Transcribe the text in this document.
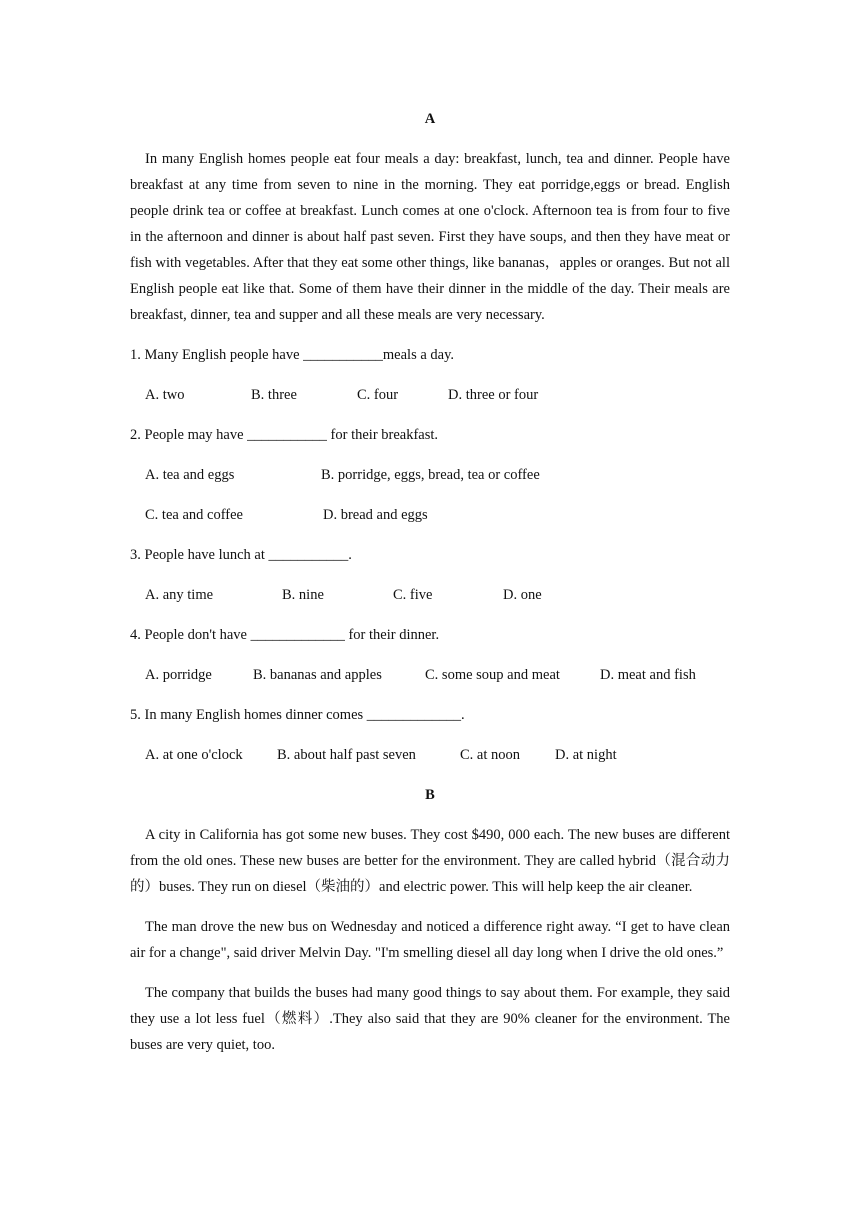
A

In many English homes people eat four meals a day: breakfast, lunch, tea and dinner. People have breakfast at any time from seven to nine in the morning. They eat porridge,eggs or bread. English people drink tea or coffee at breakfast. Lunch comes at one o'clock. Afternoon tea is from four to five in the afternoon and dinner is about half past seven. First they have soups, and then they have meat or fish with vegetables. After that they eat some other things, like bananas，apples or oranges. But not all English people eat like that. Some of them have their dinner in the middle of the day. Their meals are breakfast, dinner, tea and supper and all these meals are very necessary.

1. Many English people have ___________meals a day.
A. two	B. three	C. four	D. three or four
2. People may have ___________ for their breakfast.
A. tea and eggs	B. porridge, eggs, bread, tea or coffee
C. tea and coffee	D. bread and eggs
3. People have lunch at ___________.
A. any time	B. nine	C. five	D. one
4. People don't have _____________ for their dinner.
A. porridge	B. bananas and apples	C. some soup and meat	D. meat and fish
5. In many English homes dinner comes _____________.
A. at one o'clock B. about half past seven	C. at noon D. at night
B

A city in California has got some new buses. They cost $490, 000 each. The new buses are different from the old ones. These new buses are better for the environment. They are called hybrid（混合动力的）buses. They run on diesel（柴油的）and electric power. This will help keep the air cleaner.

The man drove the new bus on Wednesday and noticed a difference right away. “I get to have clean air for a change", said driver Melvin Day. "I'm smelling diesel all day long when I drive the old ones.”

The company that builds the buses had many good things to say about them. For example, they said they use a lot less fuel（燃料）.They also said that they are 90% cleaner for the environment. The buses are very quiet, too.
